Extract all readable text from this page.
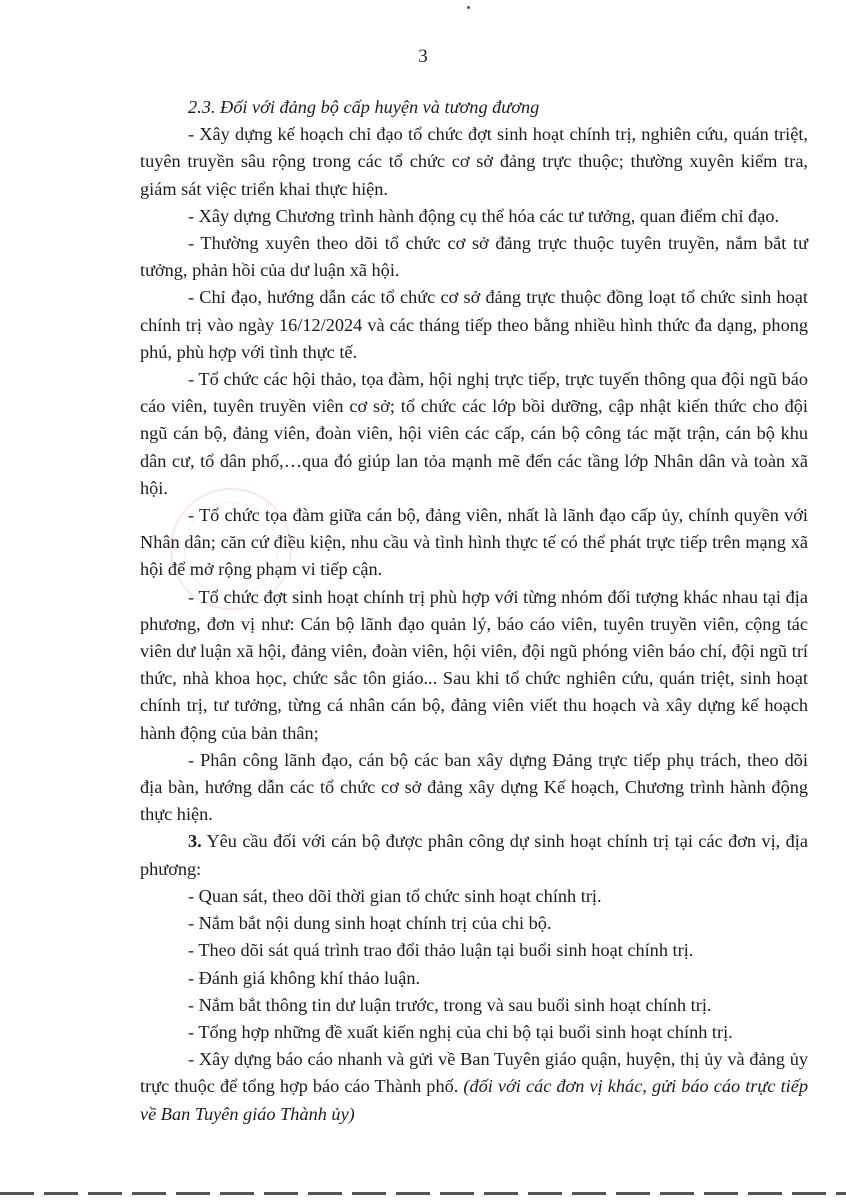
3

2.3. Đối với đảng bộ cấp huyện và tương đương

- Xây dựng kế hoạch chỉ đạo tổ chức đợt sinh hoạt chính trị, nghiên cứu, quán triệt, tuyên truyền sâu rộng trong các tổ chức cơ sở đảng trực thuộc; thường xuyên kiểm tra, giám sát việc triển khai thực hiện.

- Xây dựng Chương trình hành động cụ thể hóa các tư tưởng, quan điểm chỉ đạo.

- Thường xuyên theo dõi tổ chức cơ sở đảng trực thuộc tuyên truyền, nắm bắt tư tưởng, phản hồi của dư luận xã hội.

- Chỉ đạo, hướng dẫn các tổ chức cơ sở đảng trực thuộc đồng loạt tổ chức sinh hoạt chính trị vào ngày 16/12/2024 và các tháng tiếp theo bằng nhiều hình thức đa dạng, phong phú, phù hợp với tình thực tế.

- Tổ chức các hội thảo, tọa đàm, hội nghị trực tiếp, trực tuyến thông qua đội ngũ báo cáo viên, tuyên truyền viên cơ sở; tổ chức các lớp bồi dưỡng, cập nhật kiến thức cho đội ngũ cán bộ, đảng viên, đoàn viên, hội viên các cấp, cán bộ công tác mặt trận, cán bộ khu dân cư, tổ dân phố,…qua đó giúp lan tỏa mạnh mẽ đến các tầng lớp Nhân dân và toàn xã hội.

- Tổ chức tọa đàm giữa cán bộ, đảng viên, nhất là lãnh đạo cấp ủy, chính quyền với Nhân dân; căn cứ điều kiện, nhu cầu và tình hình thực tế có thể phát trực tiếp trên mạng xã hội để mở rộng phạm vi tiếp cận.

- Tổ chức đợt sinh hoạt chính trị phù hợp với từng nhóm đối tượng khác nhau tại địa phương, đơn vị như: Cán bộ lãnh đạo quản lý, báo cáo viên, tuyên truyền viên, cộng tác viên dư luận xã hội, đảng viên, đoàn viên, hội viên, đội ngũ phóng viên báo chí, đội ngũ trí thức, nhà khoa học, chức sắc tôn giáo... Sau khi tổ chức nghiên cứu, quán triệt, sinh hoạt chính trị, tư tưởng, từng cá nhân cán bộ, đảng viên viết thu hoạch và xây dựng kế hoạch hành động của bản thân;

- Phân công lãnh đạo, cán bộ các ban xây dựng Đảng trực tiếp phụ trách, theo dõi địa bàn, hướng dẫn các tổ chức cơ sở đảng xây dựng Kế hoạch, Chương trình hành động thực hiện.

3. Yêu cầu đối với cán bộ được phân công dự sinh hoạt chính trị tại các đơn vị, địa phương:

- Quan sát, theo dõi thời gian tổ chức sinh hoạt chính trị.

- Nắm bắt nội dung sinh hoạt chính trị của chi bộ.

- Theo dõi sát quá trình trao đổi thảo luận tại buổi sinh hoạt chính trị.

- Đánh giá không khí thảo luận.

- Nắm bắt thông tin dư luận trước, trong và sau buổi sinh hoạt chính trị.

- Tổng hợp những đề xuất kiến nghị của chi bộ tại buổi sinh hoạt chính trị.

- Xây dựng báo cáo nhanh và gửi về Ban Tuyên giáo quận, huyện, thị ủy và đảng ủy trực thuộc để tổng hợp báo cáo Thành phố. (đối với các đơn vị khác, gửi báo cáo trực tiếp về Ban Tuyên giáo Thành ủy)
